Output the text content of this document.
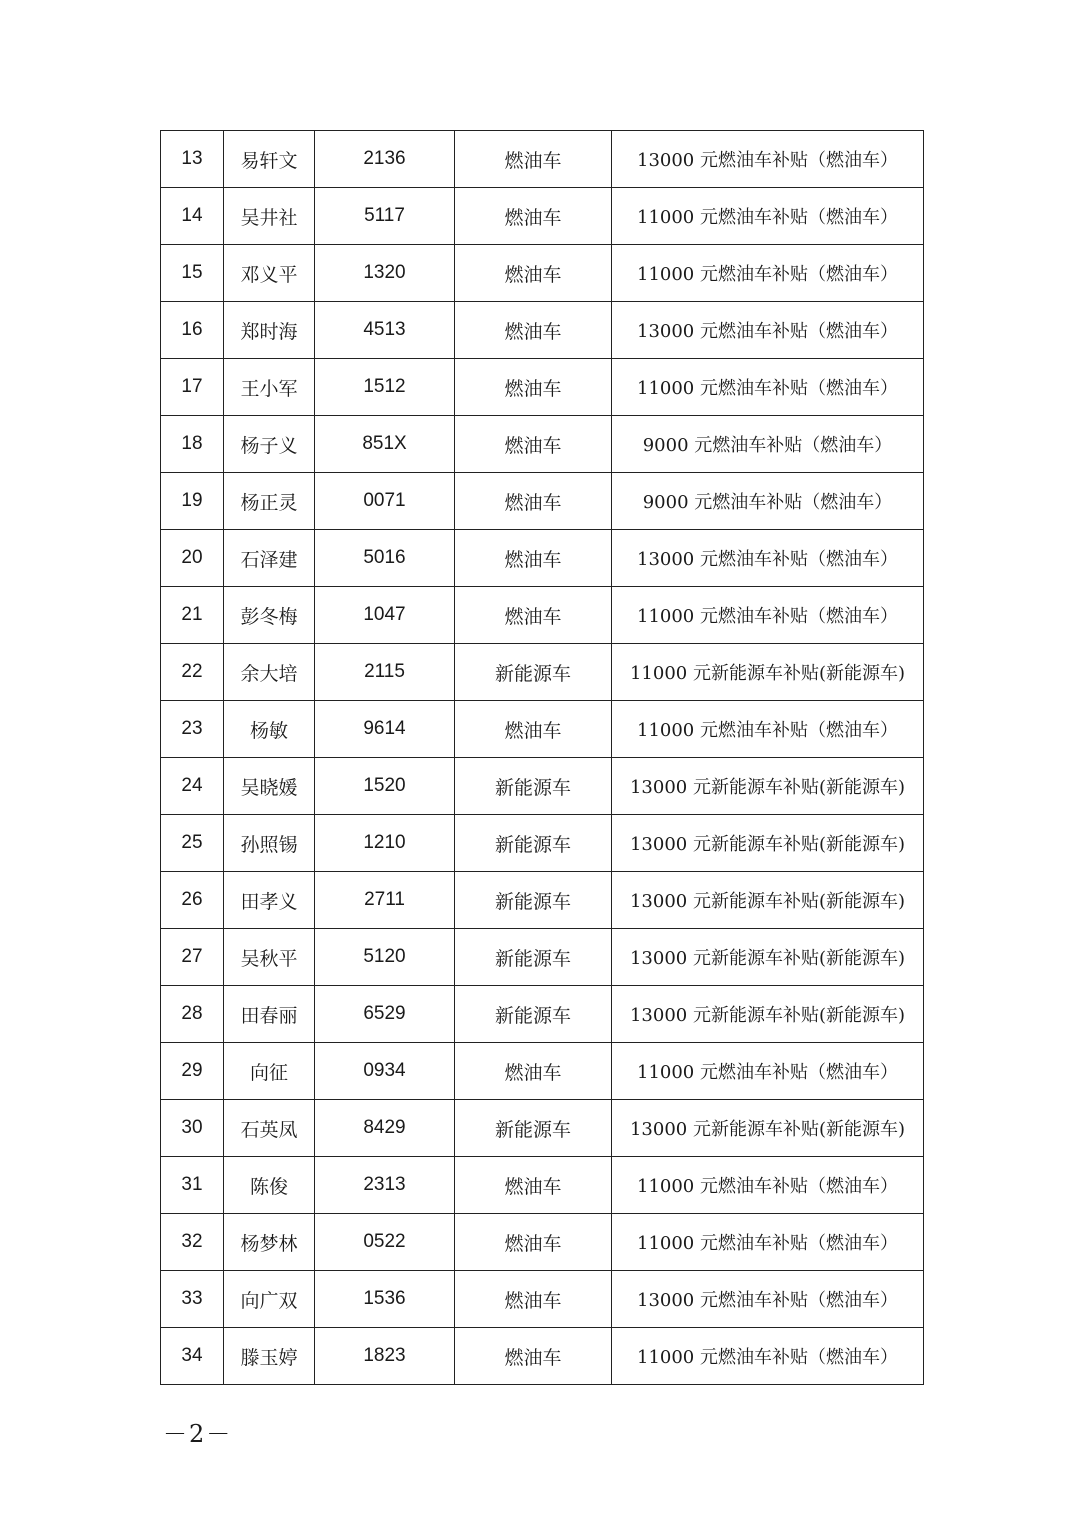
13	易轩文	2136	燃油车	13000 元燃油车补贴（燃油车）
14	吴井社	5117	燃油车	11000 元燃油车补贴（燃油车）
15	邓义平	1320	燃油车	11000 元燃油车补贴（燃油车）
16	郑时海	4513	燃油车	13000 元燃油车补贴（燃油车）
17	王小军	1512	燃油车	11000 元燃油车补贴（燃油车）
18	杨子义	851X	燃油车	9000 元燃油车补贴（燃油车）
19	杨正灵	0071	燃油车	9000 元燃油车补贴（燃油车）
20	石泽建	5016	燃油车	13000 元燃油车补贴（燃油车）
21	彭冬梅	1047	燃油车	11000 元燃油车补贴（燃油车）
22	余大培	2115	新能源车	11000 元新能源车补贴(新能源车)
23	杨敏	9614	燃油车	11000 元燃油车补贴（燃油车）
24	吴晓媛	1520	新能源车	13000 元新能源车补贴(新能源车)
25	孙照锡	1210	新能源车	13000 元新能源车补贴(新能源车)
26	田孝义	2711	新能源车	13000 元新能源车补贴(新能源车)
27	吴秋平	5120	新能源车	13000 元新能源车补贴(新能源车)
28	田春丽	6529	新能源车	13000 元新能源车补贴(新能源车)
29	向征	0934	燃油车	11000 元燃油车补贴（燃油车）
30	石英凤	8429	新能源车	13000 元新能源车补贴(新能源车)
31	陈俊	2313	燃油车	11000 元燃油车补贴（燃油车）
32	杨梦林	0522	燃油车	11000 元燃油车补贴（燃油车）
33	向广双	1536	燃油车	13000 元燃油车补贴（燃油车）
34	滕玉婷	1823	燃油车	11000 元燃油车补贴（燃油车）
－2－
